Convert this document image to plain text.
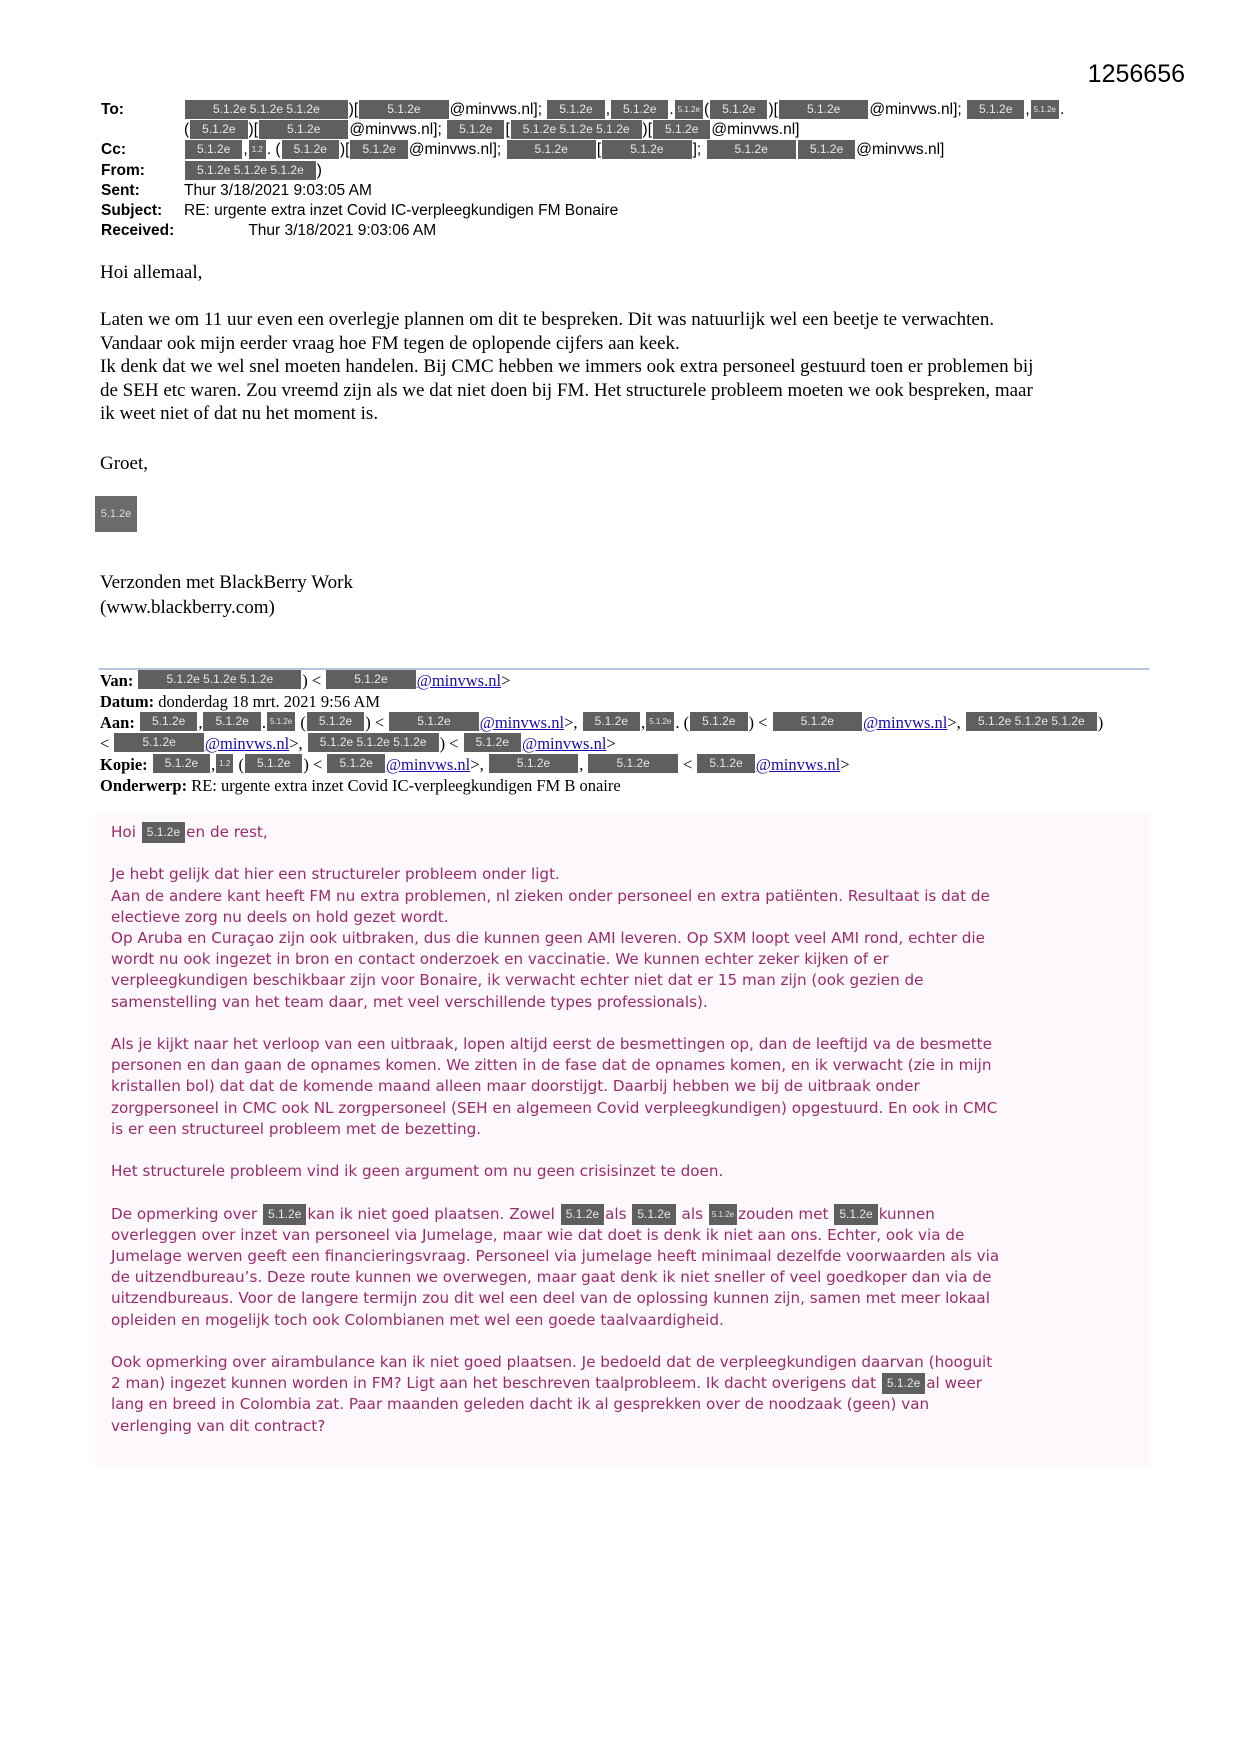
1256656
To:	5.1.2e 5.1.2e 5.1.2e )[ 5.1.2e @minvws.nl]; 5.1.2e , 5.1.2e . 5.1.2e ( 5.1.2e )[ 5.1.2e @minvws.nl]; 5.1.2e , 5.1.2e .
( 5.1.2e )[ 5.1.2e @minvws.nl]; 5.1.2e [ 5.1.2e 5.1.2e 5.1.2e )[ 5.1.2e @minvws.nl]
Cc:	5.1.2e , 1.2 . ( 5.1.2e )[ 5.1.2e @minvws.nl]; 5.1.2e [ 5.1.2e ]; 5.1.2e	5.1.2e @minvws.nl]
From:	5.1.2e 5.1.2e 5.1.2e )
Sent:	Thur 3/18/2021 9:03:05 AM
Subject:	RE: urgente extra inzet Covid IC-verpleegkundigen FM Bonaire
Received: Thur 3/18/2021 9:03:06 AM
Hoi allemaal,
Laten we om 11 uur even een overlegje plannen om dit te bespreken. Dit was natuurlijk wel een beetje te verwachten.
Vandaar ook mijn eerder vraag hoe FM tegen de oplopende cijfers aan keek.
Ik denk dat we wel snel moeten handelen. Bij CMC hebben we immers ook extra personeel gestuurd toen er problemen bij
de SEH etc waren. Zou vreemd zijn als we dat niet doen bij FM. Het structurele probleem moeten we ook bespreken, maar
ik weet niet of dat nu het moment is.
Groet,
5.1.2e
Verzonden met BlackBerry Work
(www.blackberry.com)
Van: 5.1.2e 5.1.2e 5.1.2e ) < 5.1.2e @minvws.nl>
Datum: donderdag 18 mrt. 2021 9:56 AM
Aan: 5.1.2e , 5.1.2e . 5.1.2e ( 5.1.2e ) < 5.1.2e @minvws.nl>, 5.1.2e , 5.1.2e . ( 5.1.2e ) < 5.1.2e @minvws.nl>, 5.1.2e 5.1.2e 5.1.2e )
< 5.1.2e @minvws.nl>, 5.1.2e 5.1.2e 5.1.2e ) < 5.1.2e @minvws.nl>
Kopie: 5.1.2e , 1.2 ( 5.1.2e ) < 5.1.2e @minvws.nl>, 5.1.2e , 5.1.2e < 5.1.2e @minvws.nl>
Onderwerp: RE: urgente extra inzet Covid IC-verpleegkundigen FM B onaire
Hoi 5.1.2e en de rest,
Je hebt gelijk dat hier een structureler probleem onder ligt.
Aan de andere kant heeft FM nu extra problemen, nl zieken onder personeel en extra patiënten. Resultaat is dat de
electieve zorg nu deels on hold gezet wordt.
Op Aruba en Curaçao zijn ook uitbraken, dus die kunnen geen AMI leveren. Op SXM loopt veel AMI rond, echter die
wordt nu ook ingezet in bron en contact onderzoek en vaccinatie. We kunnen echter zeker kijken of er
verpleegkundigen beschikbaar zijn voor Bonaire, ik verwacht echter niet dat er 15 man zijn (ook gezien de
samenstelling van het team daar, met veel verschillende types professionals).
Als je kijkt naar het verloop van een uitbraak, lopen altijd eerst de besmettingen op, dan de leeftijd va de besmette
personen en dan gaan de opnames komen. We zitten in de fase dat de opnames komen, en ik verwacht (zie in mijn
kristallen bol) dat dat de komende maand alleen maar doorstijgt. Daarbij hebben we bij de uitbraak onder
zorgpersoneel in CMC ook NL zorgpersoneel (SEH en algemeen Covid verpleegkundigen) opgestuurd. En ook in CMC
is er een structureel probleem met de bezetting.
Het structurele probleem vind ik geen argument om nu geen crisisinzet te doen.
De opmerking over 5.1.2e kan ik niet goed plaatsen. Zowel 5.1.2e als 5.1.2e als 5.1.2e zouden met 5.1.2e kunnen
overleggen over inzet van personeel via Jumelage, maar wie dat doet is denk ik niet aan ons. Echter, ook via de
Jumelage werven geeft een financieringsvraag. Personeel via jumelage heeft minimaal dezelfde voorwaarden als via
de uitzendbureau’s. Deze route kunnen we overwegen, maar gaat denk ik niet sneller of veel goedkoper dan via de
uitzendbureaus. Voor de langere termijn zou dit wel een deel van de oplossing kunnen zijn, samen met meer lokaal
opleiden en mogelijk toch ook Colombianen met wel een goede taalvaardigheid.
Ook opmerking over airambulance kan ik niet goed plaatsen. Je bedoeld dat de verpleegkundigen daarvan (hooguit
2 man) ingezet kunnen worden in FM? Ligt aan het beschreven taalprobleem. Ik dacht overigens dat 5.1.2e al weer
lang en breed in Colombia zat. Paar maanden geleden dacht ik al gesprekken over de noodzaak (geen) van
verlenging van dit contract?
